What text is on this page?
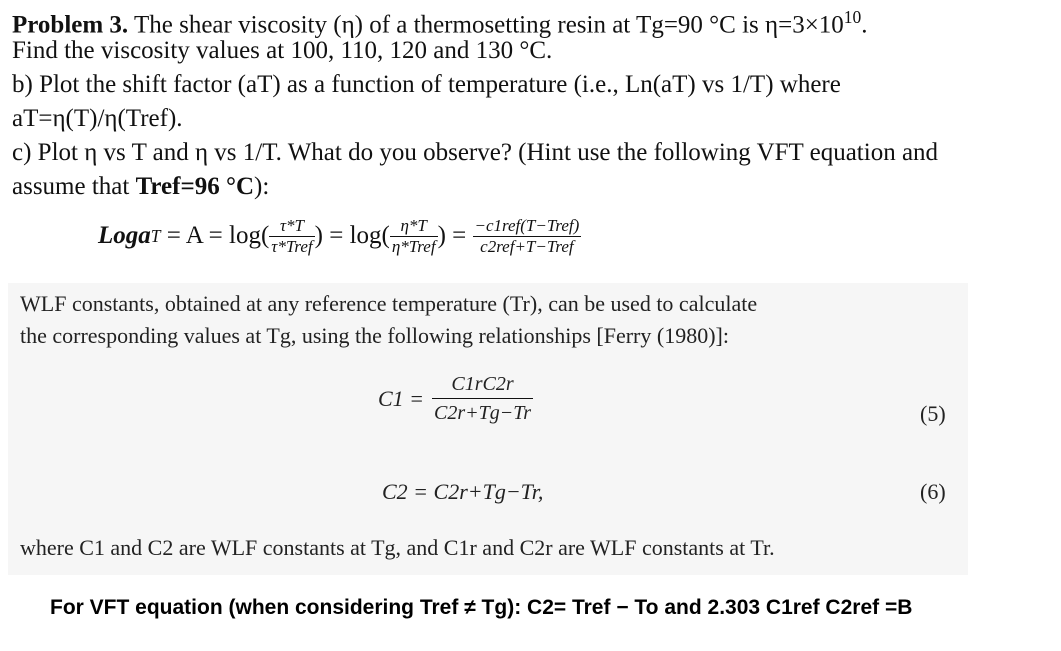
Problem 3. The shear viscosity (η) of a thermosetting resin at Tg=90 °C is $\eta=3\times 10^{10}$.
Find the viscosity values at 100, 110, 120 and 130 °C.
b) Plot the shift factor (aT) as a function of temperature (i.e., Ln(aT) vs 1/T) where
aT=η(T)/η(Tref).
c) Plot η vs T and η vs 1/T. What do you observe? (Hint use the following VFT equation and
assume that Tref=96 °C):
Loga $T = A = \log( \frac{\tau*T}{\text{τ*Tref}}$ ) = $\log( \frac{\eta*T}{\text{η*Tref}}$ ) = $\frac{\text{−c1ref(T−Tref)}}{\text{c2ref+T−Tref}}$
WLF constants, obtained at any reference temperature (Tr), can be used to calculate
the corresponding values at Tg, using the following relationships [Ferry (1980)]:
$C1 = \frac{C1rC2r}{C2r+Tg-Tr}$	(5)
C2 = C2r+Tg−Tr,	(6)
where C1 and C2 are WLF constants at Tg, and C1r and C2r are WLF constants at Tr.
For VFT equation (when considering Tref ≠ Tg): C2= Tref − To and 2.303 C1ref C2ref =B
